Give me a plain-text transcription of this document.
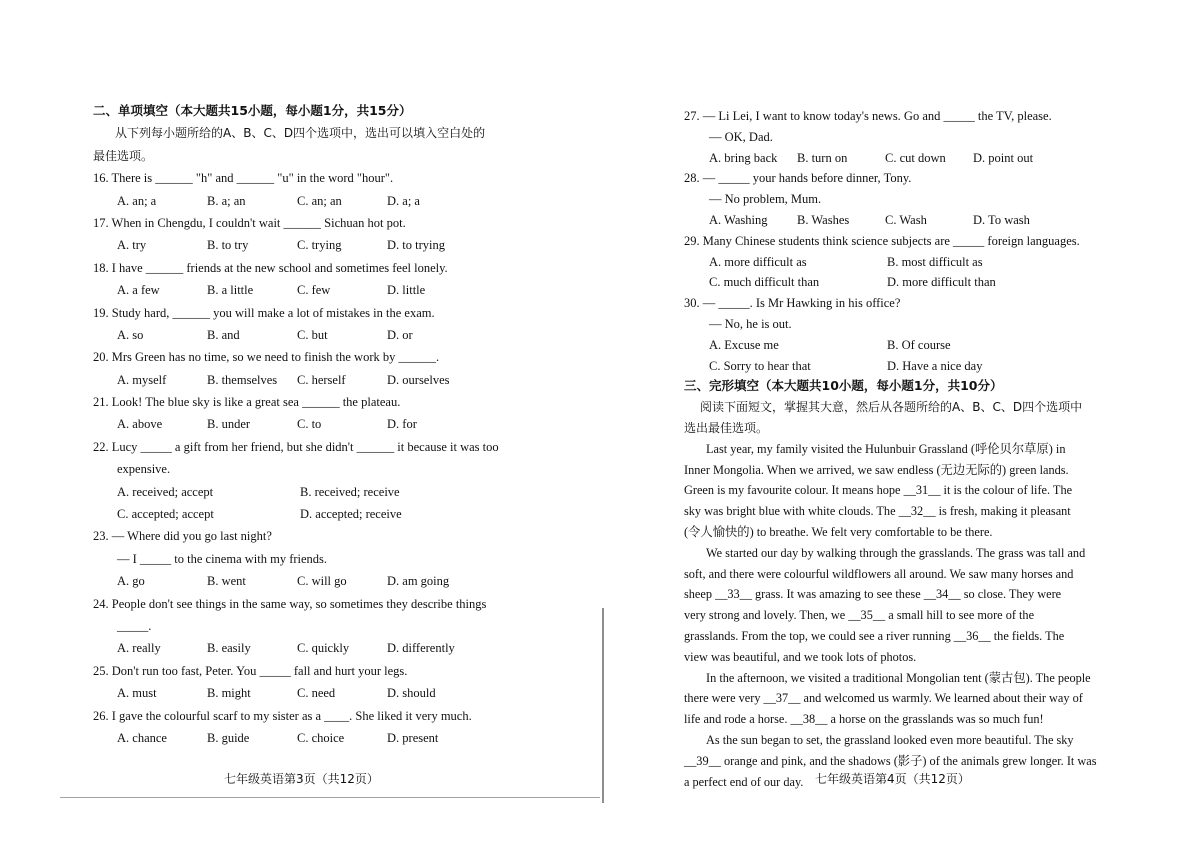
二、单项填空（本大题共15小题，每小题1分，共15分）
从下列每小题所给的A、B、C、D四个选项中，选出可以填入空白处的
最佳选项。
16. There is ______ "h" and ______ "u" in the word "hour".
A. an; a	B. a; an	C. an; an	D. a; a
17. When in Chengdu, I couldn't wait ______ Sichuan hot pot.
A. try	B. to try	C. trying	D. to trying
18. I have ______ friends at the new school and sometimes feel lonely.
A. a few	B. a little	C. few	D. little
19. Study hard, ______ you will make a lot of mistakes in the exam.
A. so	B. and	C. but	D. or
20. Mrs Green has no time, so we need to finish the work by ______.
A. myself	B. themselves	C. herself	D. ourselves
21. Look! The blue sky is like a great sea ______ the plateau.
A. above	B. under	C. to	D. for
22. Lucy _____ a gift from her friend, but she didn't ______ it because it was too
expensive.
A. received; accept	B. received; receive
C. accepted; accept	D. accepted; receive
23. — Where did you go last night?
— I _____ to the cinema with my friends.
A. go	B. went	C. will go	D. am going
24. People don't see things in the same way, so sometimes they describe things
_____.
A. really	B. easily	C. quickly	D. differently
25. Don't run too fast, Peter. You _____ fall and hurt your legs.
A. must	B. might	C. need	D. should
26. I gave the colourful scarf to my sister as a ____. She liked it very much.
A. chance	B. guide	C. choice	D. present
七年级英语第3页（共12页）
27. — Li Lei, I want to know today's news. Go and _____ the TV, please.
— OK, Dad.
A. bring back	B. turn on	C. cut down	D. point out
28. — _____ your hands before dinner, Tony.
— No problem, Mum.
A. Washing	B. Washes	C. Wash	D. To wash
29. Many Chinese students think science subjects are _____ foreign languages.
A. more difficult as	B. most difficult as
C. much difficult than	D. more difficult than
30. — _____. Is Mr Hawking in his office?
— No, he is out.
A. Excuse me	B. Of course
C. Sorry to hear that	D. Have a nice day
三、完形填空（本大题共10小题，每小题1分，共10分）
阅读下面短文，掌握其大意，然后从各题所给的A、B、C、D四个选项中
选出最佳选项。
Last year, my family visited the Hulunbuir Grassland (呼伦贝尔草原) in
Inner Mongolia. When we arrived, we saw endless (无边无际的) green lands.
Green is my favourite colour. It means hope __31__ it is the colour of life. The
sky was bright blue with white clouds. The __32__ is fresh, making it pleasant
(令人愉快的) to breathe. We felt very comfortable to be there.
We started our day by walking through the grasslands. The grass was tall and
soft, and there were colourful wildflowers all around. We saw many horses and
sheep __33__ grass. It was amazing to see these __34__ so close. They were
very strong and lovely. Then, we __35__ a small hill to see more of the
grasslands. From the top, we could see a river running __36__ the fields. The
view was beautiful, and we took lots of photos.
In the afternoon, we visited a traditional Mongolian tent (蒙古包). The people
there were very __37__ and welcomed us warmly. We learned about their way of
life and rode a horse. __38__ a horse on the grasslands was so much fun!
As the sun began to set, the grassland looked even more beautiful. The sky
__39__ orange and pink, and the shadows (影子) of the animals grew longer. It was
a perfect end of our day. 七年级英语第4页（共12页）
